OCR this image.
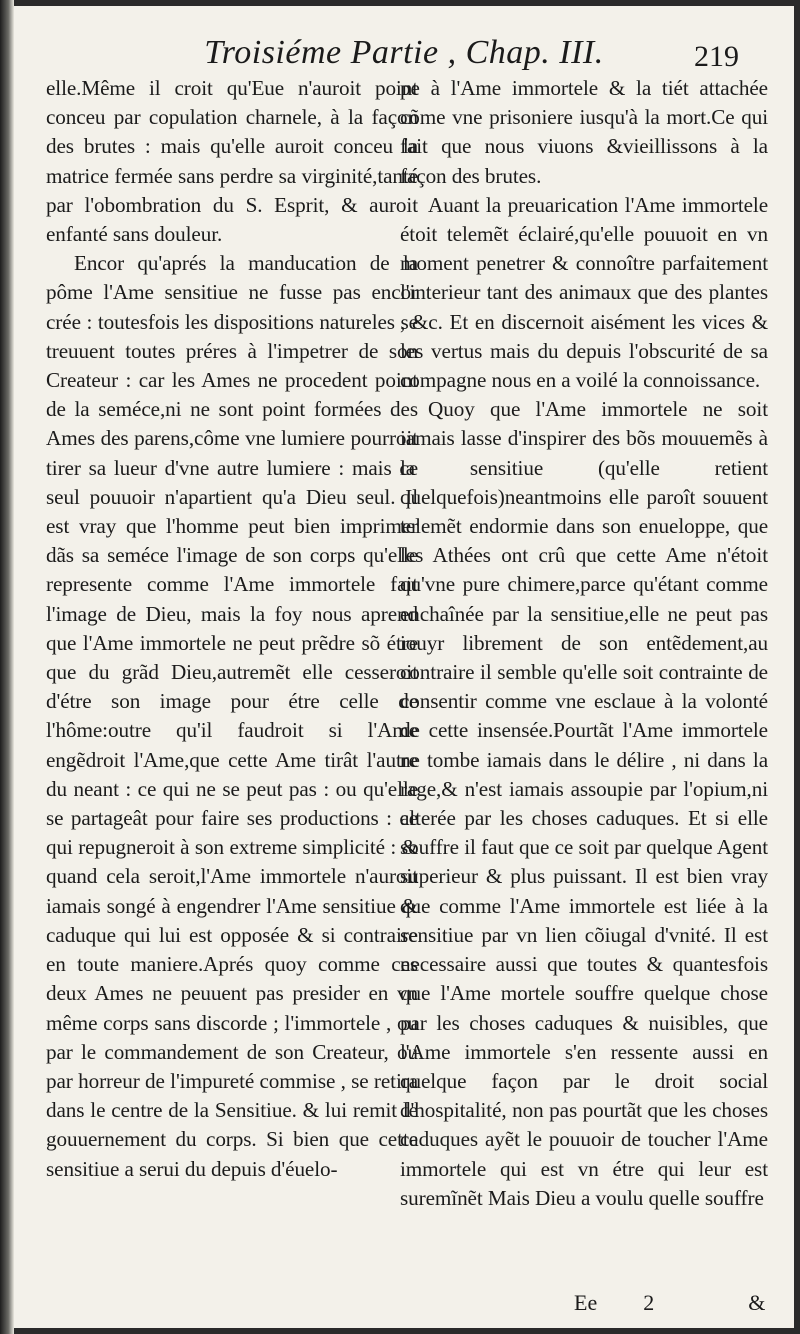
Troisiéme Partie , Chap. III.	219

elle.Même il croit qu'Eue n'auroit point conceu par copulation charnele, à la façon des brutes : mais qu'elle auroit conceu la matrice fermée sans perdre sa virginité,tanté par l'obombration du S. Esprit, & auroit enfanté sans douleur.

Encor qu'aprés la manducation de la pôme l'Ame sensitiue ne fusse pas encor crée : toutesfois les dispositions natureles se treuuent toutes préres à l'impetrer de son Createur : car les Ames ne procedent point de la seméce,ni ne sont point formées des Ames des parens,côme vne lumiere pourroit tirer sa lueur d'vne autre lumiere : mais ce seul pouuoir n'apartient qu'a Dieu seul. Il est vray que l'homme peut bien imprimer dãs sa seméce l'image de son corps qu'elle represente comme l'Ame immortele fait l'image de Dieu, mais la foy nous aprend que l'Ame immortele ne peut prẽdre sõ étre que du grãd Dieu,autremẽt elle cesseroit d'étre son image pour étre celle de l'hôme:outre qu'il faudroit si l'Ame engẽdroit l'Ame,que cette Ame tirât l'autre du neant : ce qui ne se peut pas : ou qu'elle se partageât pour faire ses productions : ce qui repugneroit à son extreme simplicité : & quand cela seroit,l'Ame immortele n'auroit iamais songé à engendrer l'Ame sensitiue & caduque qui lui est opposée & si contraire en toute maniere.Aprés quoy comme ces deux Ames ne peuuent pas presider en vn même corps sans discorde ; l'immortele , ou par le commandement de son Createur, ou par horreur de l'impureté commise , se retira dans le centre de la Sensitiue. & lui remit le gouuernement du corps. Si bien que cette sensitiue a serui du depuis d'éuelo-

pe à l'Ame immortele & la tiét attachée cõme vne prisoniere iusqu'à la mort.Ce qui fait que nous viuons &vieillissons à la façon des brutes.

Auant la preuarication l'Ame immortele étoit telemẽt éclairé,qu'elle pouuoit en vn moment penetrer & connoître parfaitement l'interieur tant des animaux que des plantes , &c. Et en discernoit aisément les vices & les vertus mais du depuis l'obscurité de sa compagne nous en a voilé la connoissance.

Quoy que l'Ame immortele ne soit iamais lasse d'inspirer des bõs mouuemẽs à la sensitiue (qu'elle retient quelquefois)neantmoins elle paroît souuent telemẽt endormie dans son enueloppe, que les Athées ont crû que cette Ame n'étoit qu'vne pure chimere,parce qu'étant comme enchaînée par la sensitiue,elle ne peut pas iouyr librement de son entẽdement,au contraire il semble qu'elle soit contrainte de consentir comme vne esclaue à la volonté de cette insensée.Pourtãt l'Ame immortele ne tombe iamais dans le délire , ni dans la rage,& n'est iamais assoupie par l'opium,ni alterée par les choses caduques. Et si elle souffre il faut que ce soit par quelque Agent superieur & plus puissant. Il est bien vray que comme l'Ame immortele est liée à la sensitiue par vn lien cõiugal d'vnité. Il est necessaire aussi que toutes & quantesfois que l'Ame mortele souffre quelque chose par les choses caduques & nuisibles, que l'Ame immortele s'en ressente aussi en quelque façon par le droit social d'hospitalité, non pas pourtãt que les choses caduques ayẽt le pouuoir de toucher l'Ame immortele qui est vn étre qui leur est suremĩnẽt Mais Dieu a voulu quelle souffre

Ee 2	&
